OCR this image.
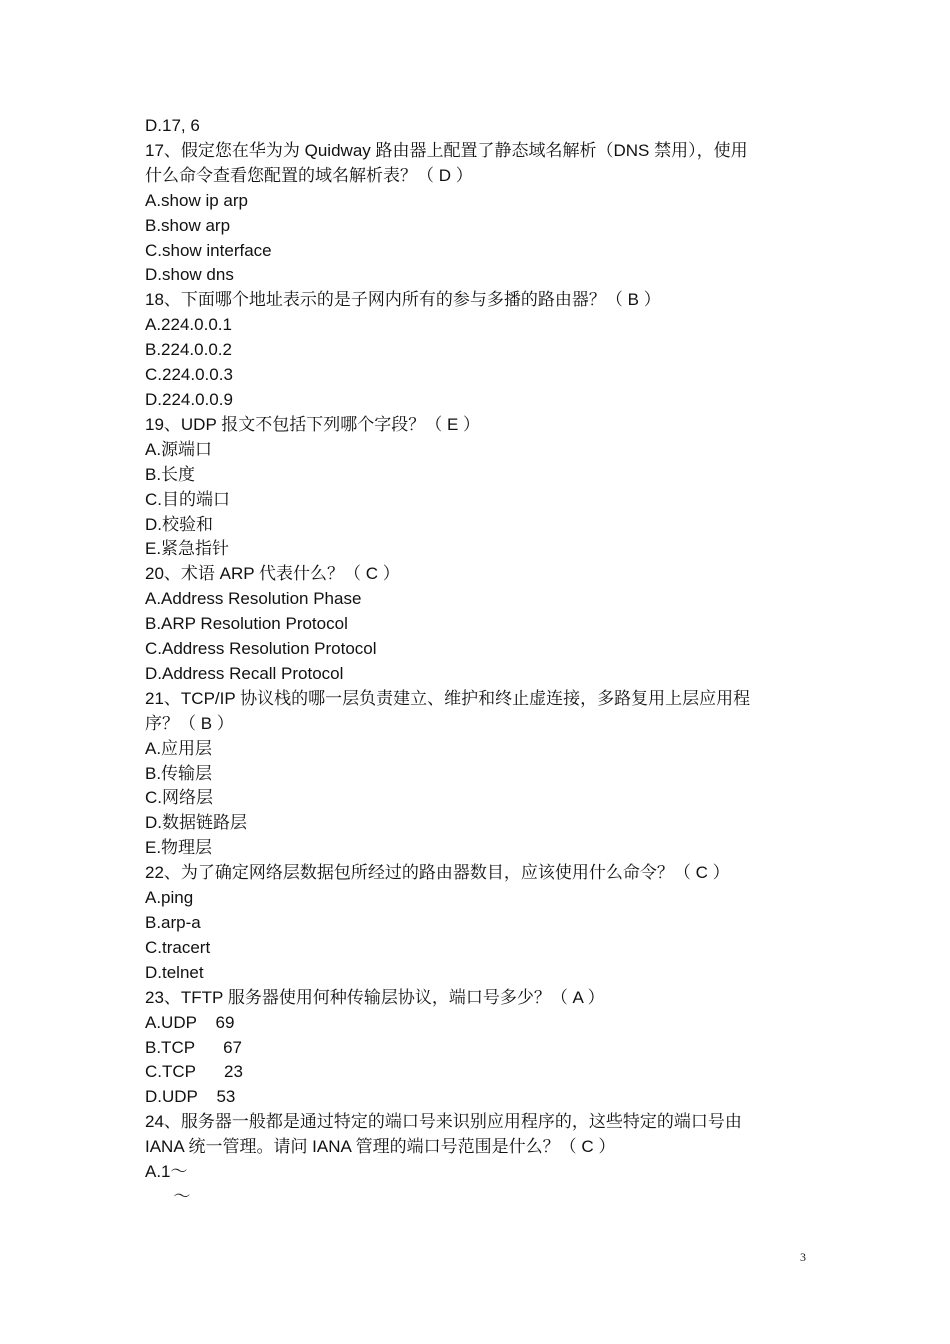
D.17, 6
17、假定您在华为为 Quidway 路由器上配置了静态域名解析（DNS 禁用），使用
什么命令查看您配置的域名解析表？（ D ）
A.show ip arp
B.show arp
C.show interface
D.show dns
18、下面哪个地址表示的是子网内所有的参与多播的路由器？（ B ）
A.224.0.0.1
B.224.0.0.2
C.224.0.0.3
D.224.0.0.9
19、UDP 报文不包括下列哪个字段？（ E ）
A.源端口
B.长度
C.目的端口
D.校验和
E.紧急指针
20、术语 ARP 代表什么？（ C ）
A.Address Resolution Phase
B.ARP Resolution Protocol
C.Address Resolution Protocol
D.Address Recall Protocol
21、TCP/IP 协议栈的哪一层负责建立、维护和终止虚连接，多路复用上层应用程
序？（ B ）
A.应用层
B.传输层
C.网络层
D.数据链路层
E.物理层
22、为了确定网络层数据包所经过的路由器数目，应该使用什么命令？（ C ）
A.ping
B.arp-a
C.tracert
D.telnet
23、TFTP 服务器使用何种传输层协议，端口号多少？（ A ）
A.UDP    69
B.TCP      67
C.TCP      23
D.UDP    53
24、服务器一般都是通过特定的端口号来识别应用程序的，这些特定的端口号由
IANA 统一管理。请问 IANA 管理的端口号范围是什么？（ C ）
A.1～
～
3
